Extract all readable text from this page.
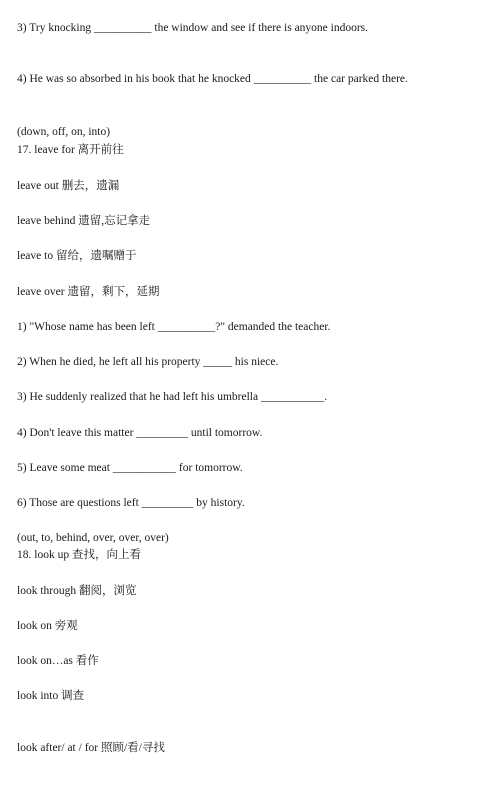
3) Try knocking __________ the window and see if there is anyone indoors.
4) He was so absorbed in his book that he knocked __________ the car parked there.
(down, off, on, into)
17. leave for 离开前往
leave out 删去，遗漏
leave behind 遗留,忘记拿走
leave to 留给，遗嘱赠于
leave over 遗留，剩下，延期
1) "Whose name has been left __________?" demanded the teacher.
2) When he died, he left all his property _____ his niece.
3) He suddenly realized that he had left his umbrella ___________.
4) Don't leave this matter _________ until tomorrow.
5) Leave some meat ___________ for tomorrow.
6) Those are questions left _________ by history.
(out, to, behind, over, over, over)
18. look up 查找，向上看
look through 翻阅，浏览
look on 旁观
look on…as 看作
look into 调查
look after/ at / for 照顾/看/寻找
